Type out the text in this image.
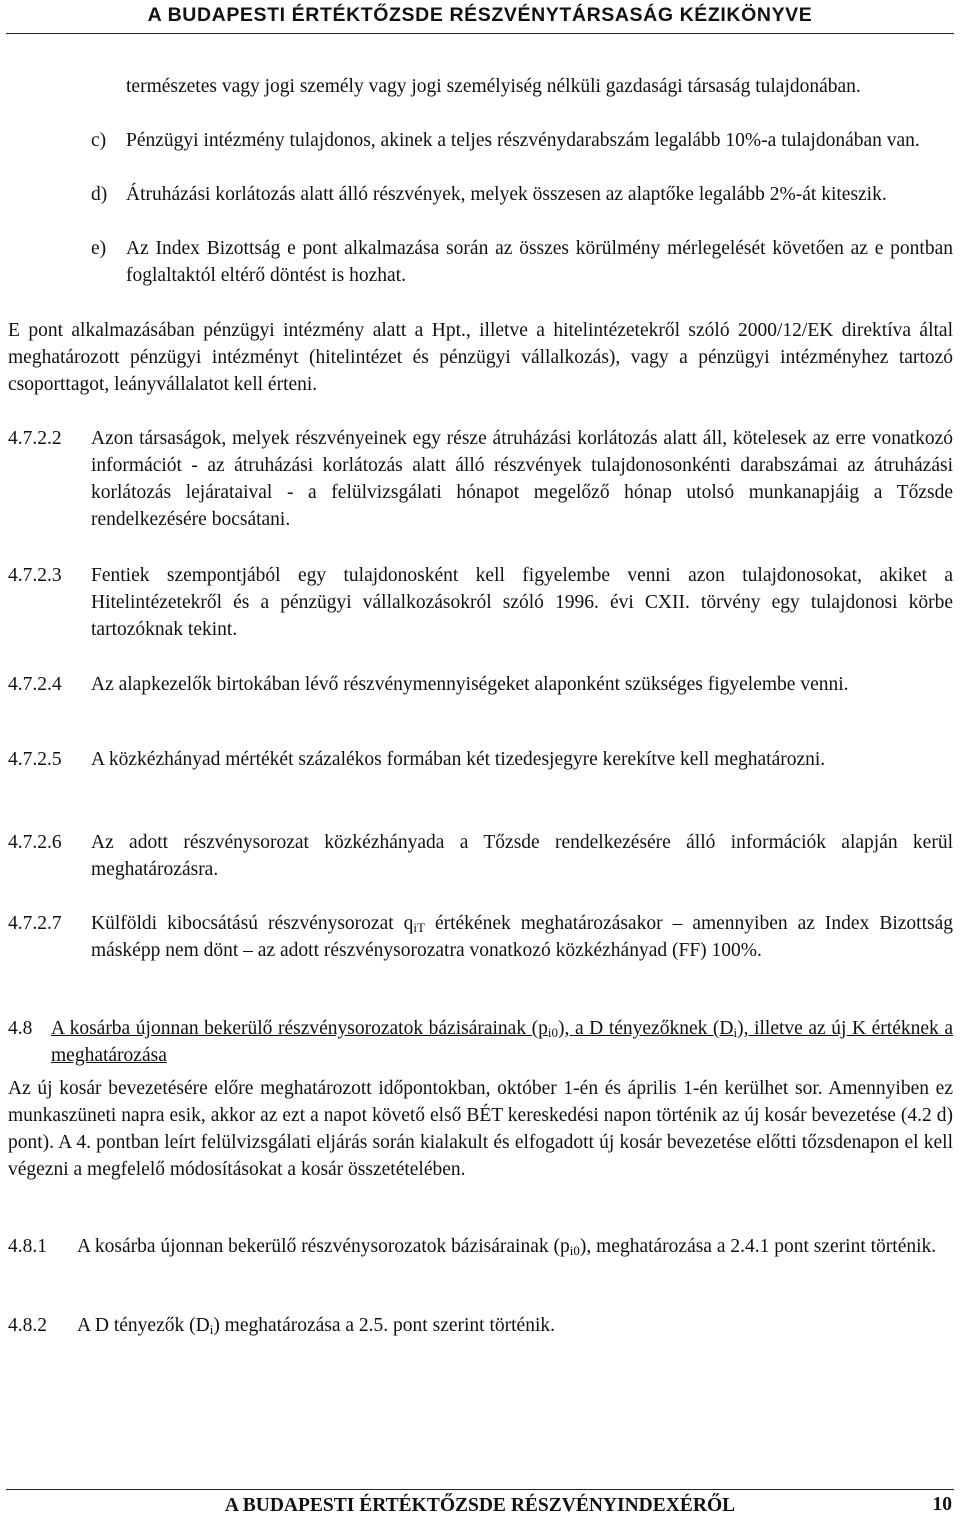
A BUDAPESTI ÉRTÉKTŐZSDE RÉSZVÉNYTÁRSASÁG KÉZIKÖNYVE

természetes vagy jogi személy vagy jogi személyiség nélküli gazdasági társaság tulajdonában.

c) Pénzügyi intézmény tulajdonos, akinek a teljes részvénydarabszám legalább 10%-a tulajdonában van.

d) Átruházási korlátozás alatt álló részvények, melyek összesen az alaptőke legalább 2%-át kiteszik.

e) Az Index Bizottság e pont alkalmazása során az összes körülmény mérlegelését követően az e pontban foglaltaktól eltérő döntést is hozhat.

E pont alkalmazásában pénzügyi intézmény alatt a Hpt., illetve a hitelintézetekről szóló 2000/12/EK direktíva által meghatározott pénzügyi intézményt (hitelintézet és pénzügyi vállalkozás), vagy a pénzügyi intézményhez tartozó csoporttagot, leányvállalatot kell érteni.

4.7.2.2 Azon társaságok, melyek részvényeinek egy része átruházási korlátozás alatt áll, kötelesek az erre vonatkozó információt - az átruházási korlátozás alatt álló részvények tulajdonosonkénti darabszámai az átruházási korlátozás lejárataival - a felülvizsgálati hónapot megelőző hónap utolsó munkanapjáig a Tőzsde rendelkezésére bocsátani.

4.7.2.3 Fentiek szempontjából egy tulajdonosként kell figyelembe venni azon tulajdonosokat, akiket a Hitelintézetekről és a pénzügyi vállalkozásokról szóló 1996. évi CXII. törvény egy tulajdonosi körbe tartozóknak tekint.

4.7.2.4 Az alapkezelők birtokában lévő részvénymennyiségeket alaponként szükséges figyelembe venni.

4.7.2.5 A közkézhányad mértékét százalékos formában két tizedesjegyre kerekítve kell meghatározni.

4.7.2.6 Az adott részvénysorozat közkézhányada a Tőzsde rendelkezésére álló információk alapján kerül meghatározásra.

4.7.2.7 Külföldi kibocsátású részvénysorozat $q_{iT}$ értékének meghatározásakor – amennyiben az Index Bizottság másképp nem dönt – az adott részvénysorozatra vonatkozó közkézhányad (FF) 100%.

4.8 A kosárba újonnan bekerülő részvénysorozatok bázisárainak $(p_{i0})$, a D tényezőknek $(D_i)$, illetve az új K értéknek a meghatározása

Az új kosár bevezetésére előre meghatározott időpontokban, október 1-én és április 1-én kerülhet sor. Amennyiben ez munkaszüneti napra esik, akkor az ezt a napot követő első BÉT kereskedési napon történik az új kosár bevezetése (4.2 d) pont). A 4. pontban leírt felülvizsgálati eljárás során kialakult és elfogadott új kosár bevezetése előtti tőzsdenapon el kell végezni a megfelelő módosításokat a kosár összetételében.

4.8.1 A kosárba újonnan bekerülő részvénysorozatok bázisárainak $(p_{i0})$, meghatározása a 2.4.1 pont szerint történik.

4.8.2 A D tényezők $(D_i)$ meghatározása a 2.5. pont szerint történik.

A BUDAPESTI ÉRTÉKTŐZSDE RÉSZVÉNYINDEXÉRŐL	10
